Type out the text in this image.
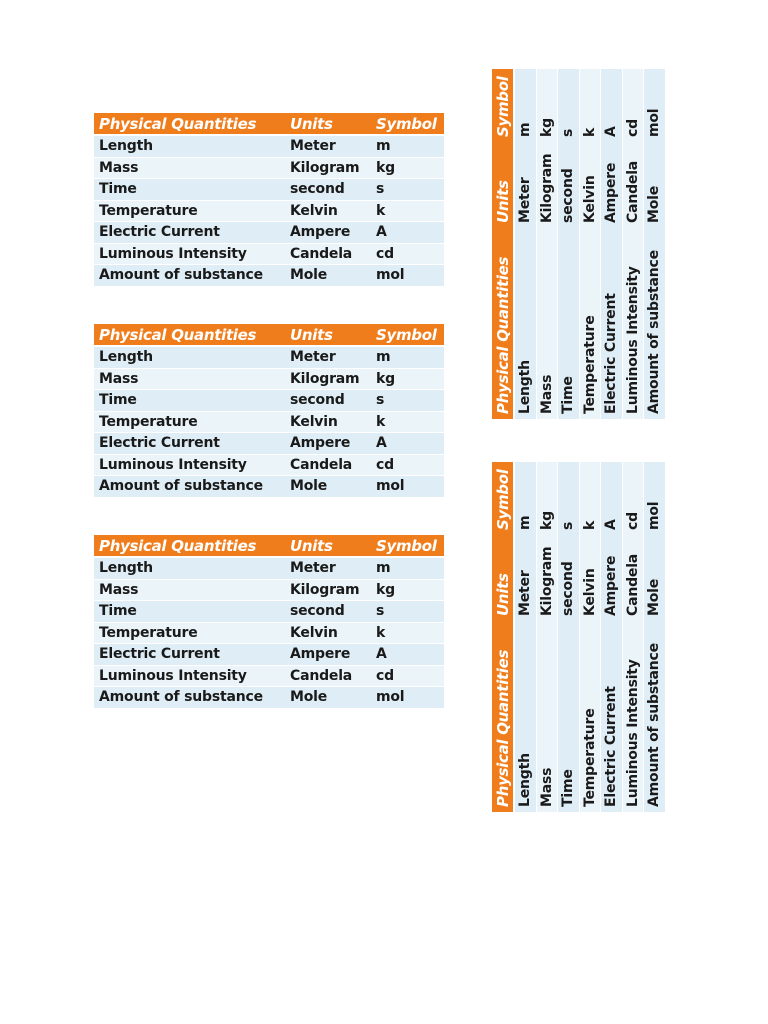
Physical Quantities	Units	Symbol
Length	Meter	m
Mass	Kilogram	kg
Time	second	s
Temperature	Kelvin	k
Electric Current	Ampere	A
Luminous Intensity	Candela	cd
Amount of substance	Mole	mol
Physical Quantities	Units	Symbol
Length	Meter	m
Mass	Kilogram	kg
Time	second	s
Temperature	Kelvin	k
Electric Current	Ampere	A
Luminous Intensity	Candela	cd
Amount of substance	Mole	mol
Physical Quantities	Units	Symbol
Length	Meter	m
Mass	Kilogram	kg
Time	second	s
Temperature	Kelvin	k
Electric Current	Ampere	A
Luminous Intensity	Candela	cd
Amount of substance	Mole	mol
Physical Quantities	Units	Symbol
Length	Meter	m
Mass	Kilogram	kg
Time	second	s
Temperature	Kelvin	k
Electric Current	Ampere	A
Luminous Intensity	Candela	cd
Amount of substance	Mole	mol
Physical Quantities	Units	Symbol
Length	Meter	m
Mass	Kilogram	kg
Time	second	s
Temperature	Kelvin	k
Electric Current	Ampere	A
Luminous Intensity	Candela	cd
Amount of substance	Mole	mol
